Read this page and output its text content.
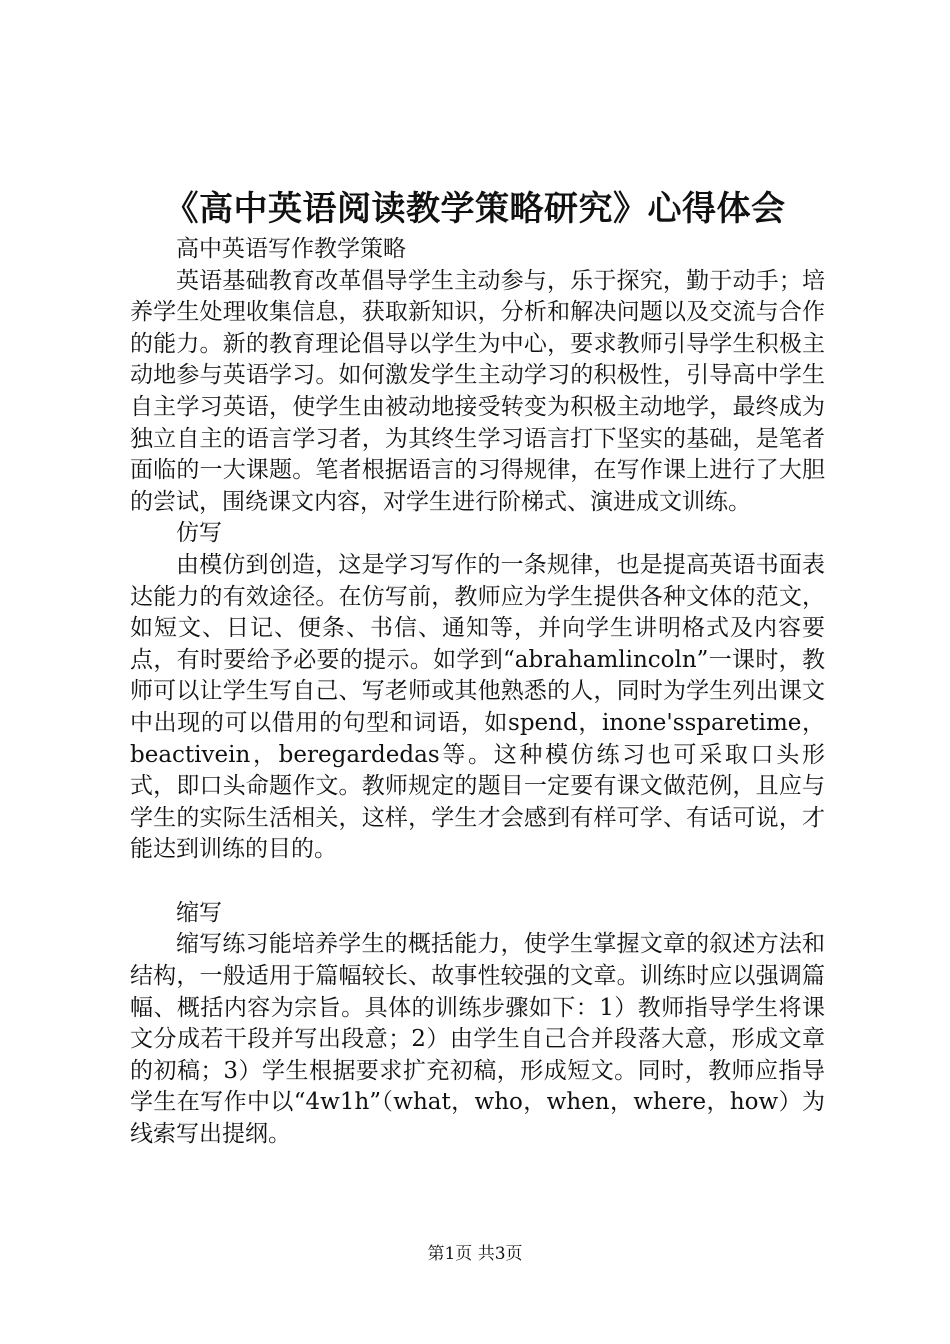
《高中英语阅读教学策略研究》心得体会

高中英语写作教学策略

英语基础教育改革倡导学生主动参与，乐于探究，勤于动手；培养学生处理收集信息，获取新知识，分析和解决问题以及交流与合作的能力。新的教育理论倡导以学生为中心，要求教师引导学生积极主动地参与英语学习。如何激发学生主动学习的积极性，引导高中学生自主学习英语，使学生由被动地接受转变为积极主动地学，最终成为独立自主的语言学习者，为其终生学习语言打下坚实的基础，是笔者面临的一大课题。笔者根据语言的习得规律，在写作课上进行了大胆的尝试，围绕课文内容，对学生进行阶梯式、演进成文训练。

仿写

由模仿到创造，这是学习写作的一条规律，也是提高英语书面表达能力的有效途径。在仿写前，教师应为学生提供各种文体的范文，如短文、日记、便条、书信、通知等，并向学生讲明格式及内容要点，有时要给予必要的提示。如学到“abrahamlincoln”一课时，教师可以让学生写自己、写老师或其他熟悉的人，同时为学生列出课文中出现的可以借用的句型和词语，如spend，inone'ssparetime，beactivein，beregardedas等。这种模仿练习也可采取口头形式，即口头命题作文。教师规定的题目一定要有课文做范例，且应与学生的实际生活相关，这样，学生才会感到有样可学、有话可说，才能达到训练的目的。

缩写

缩写练习能培养学生的概括能力，使学生掌握文章的叙述方法和结构，一般适用于篇幅较长、故事性较强的文章。训练时应以强调篇幅、概括内容为宗旨。具体的训练步骤如下：1）教师指导学生将课文分成若干段并写出段意；2）由学生自己合并段落大意，形成文章的初稿；3）学生根据要求扩充初稿，形成短文。同时，教师应指导学生在写作中以“4w1h”（what，who，when，where，how）为线索写出提纲。

第1页 共3页
